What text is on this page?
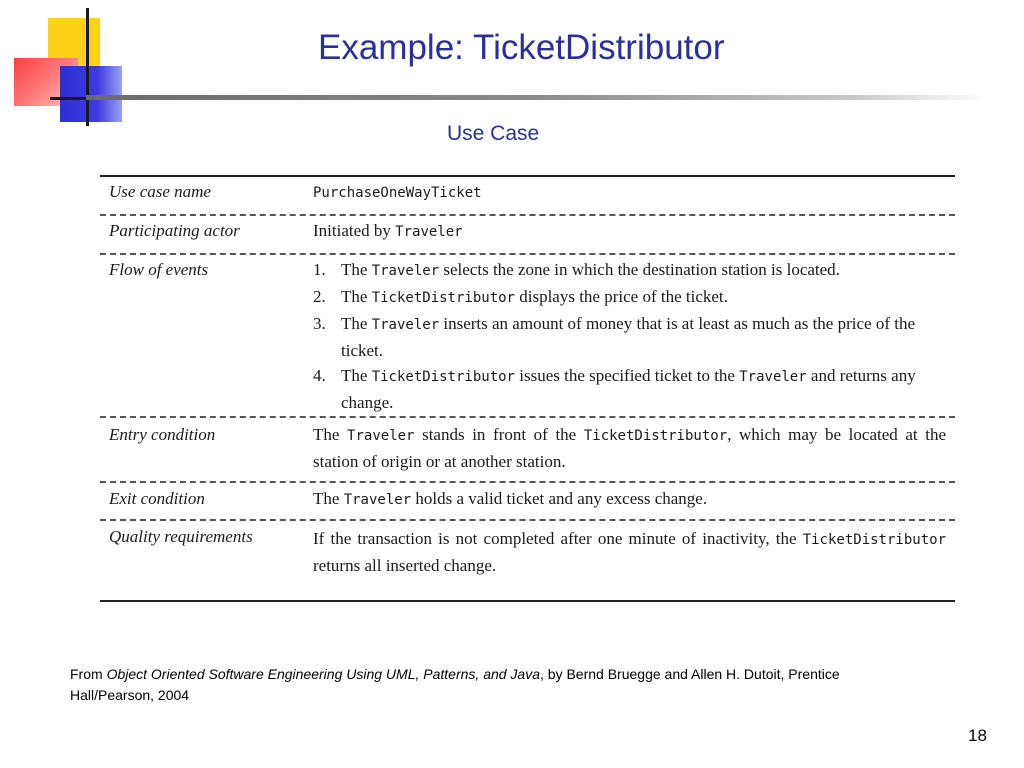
Example: TicketDistributor
Use Case
Use case name	PurchaseOneWayTicket
Participating actor	Initiated by Traveler
Flow of events	1. The Traveler selects the zone in which the destination station is located.
2. The TicketDistributor displays the price of the ticket.
3. The Traveler inserts an amount of money that is at least as much as the price of the ticket.
4. The TicketDistributor issues the specified ticket to the Traveler and returns any change.
Entry condition	The Traveler stands in front of the TicketDistributor, which may be located at the station of origin or at another station.
Exit condition	The Traveler holds a valid ticket and any excess change.
Quality requirements	If the transaction is not completed after one minute of inactivity, the TicketDistributor returns all inserted change.
From Object Oriented Software Engineering Using UML, Patterns, and Java, by Bernd Bruegge and Allen H. Dutoit, Prentice Hall/Pearson, 2004
18
